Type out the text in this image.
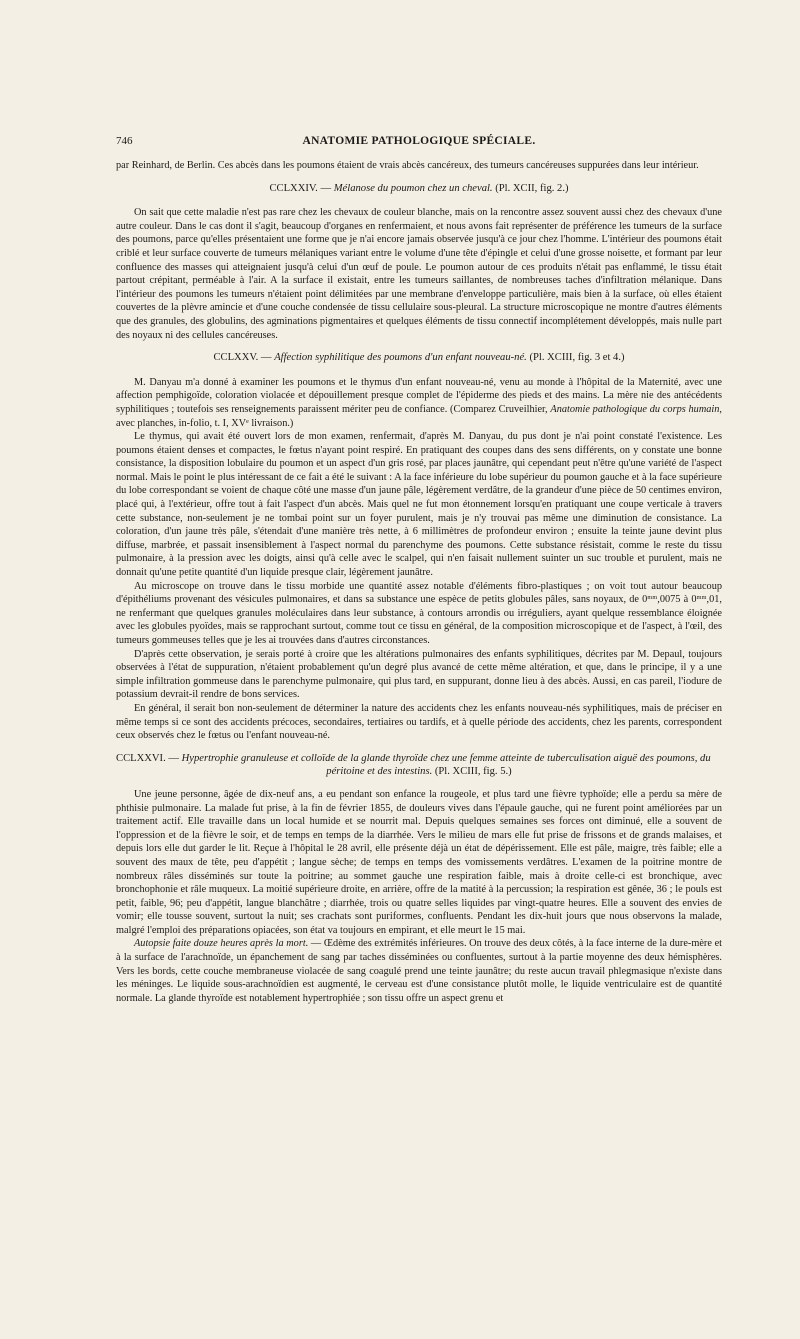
746	ANATOMIE PATHOLOGIQUE SPÉCIALE.

par Reinhard, de Berlin. Ces abcès dans les poumons étaient de vrais abcès cancéreux, des tumeurs cancéreuses suppurées dans leur intérieur.

CCLXXIV. — Mélanose du poumon chez un cheval. (Pl. XCII, fig. 2.)

On sait que cette maladie n'est pas rare chez les chevaux de couleur blanche, mais on la rencontre assez souvent aussi chez des chevaux d'une autre couleur. Dans le cas dont il s'agit, beaucoup d'organes en renfermaient, et nous avons fait représenter de préférence les tumeurs de la surface des poumons, parce qu'elles présentaient une forme que je n'ai encore jamais observée jusqu'à ce jour chez l'homme. L'intérieur des poumons était criblé et leur surface couverte de tumeurs mélaniques variant entre le volume d'une tête d'épingle et celui d'une grosse noisette, et formant par leur confluence des masses qui atteignaient jusqu'à celui d'un œuf de poule. Le poumon autour de ces produits n'était pas enflammé, le tissu était partout crépitant, perméable à l'air. A la surface il existait, entre les tumeurs saillantes, de nombreuses taches d'infiltration mélanique. Dans l'intérieur des poumons les tumeurs n'étaient point délimitées par une membrane d'enveloppe particulière, mais bien à la surface, où elles étaient couvertes de la plèvre amincie et d'une couche condensée de tissu cellulaire sous-pleural. La structure microscopique ne montre d'autres éléments que des granules, des globulins, des agminations pigmentaires et quelques éléments de tissu connectif incomplétement développés, mais nulle part des noyaux ni des cellules cancéreuses.

CCLXXV. — Affection syphilitique des poumons d'un enfant nouveau-né. (Pl. XCIII, fig. 3 et 4.)

M. Danyau m'a donné à examiner les poumons et le thymus d'un enfant nouveau-né, venu au monde à l'hôpital de la Maternité, avec une affection pemphigoïde, coloration violacée et dépouillement presque complet de l'épiderme des pieds et des mains. La mère nie des antécédents syphilitiques ; toutefois ses renseignements paraissent mériter peu de confiance. (Comparez Cruveilhier, Anatomie pathologique du corps humain, avec planches, in-folio, t. I, XVᵉ livraison.)

Le thymus, qui avait été ouvert lors de mon examen, renfermait, d'après M. Danyau, du pus dont je n'ai point constaté l'existence. Les poumons étaient denses et compactes, le fœtus n'ayant point respiré. En pratiquant des coupes dans des sens différents, on y constate une bonne consistance, la disposition lobulaire du poumon et un aspect d'un gris rosé, par places jaunâtre, qui cependant peut n'être qu'une variété de l'aspect normal. Mais le point le plus intéressant de ce fait a été le suivant : A la face inférieure du lobe supérieur du poumon gauche et à la face supérieure du lobe correspondant se voient de chaque côté une masse d'un jaune pâle, légèrement verdâtre, de la grandeur d'une pièce de 50 centimes environ, placé qui, à l'extérieur, offre tout à fait l'aspect d'un abcès. Mais quel ne fut mon étonnement lorsqu'en pratiquant une coupe verticale à travers cette substance, non-seulement je ne tombai point sur un foyer purulent, mais je n'y trouvai pas même une diminution de consistance. La coloration, d'un jaune très pâle, s'étendait d'une manière très nette, à 6 millimètres de profondeur environ ; ensuite la teinte jaune devint plus diffuse, marbrée, et passait insensiblement à l'aspect normal du parenchyme des poumons. Cette substance résistait, comme le reste du tissu pulmonaire, à la pression avec les doigts, ainsi qu'à celle avec le scalpel, qui n'en faisait nullement suinter un suc trouble et purulent, mais ne donnait qu'une petite quantité d'un liquide presque clair, légèrement jaunâtre.

Au microscope on trouve dans le tissu morbide une quantité assez notable d'éléments fibro-plastiques ; on voit tout autour beaucoup d'épithéliums provenant des vésicules pulmonaires, et dans sa substance une espèce de petits globules pâles, sans noyaux, de 0ᵐᵐ,0075 à 0ᵐᵐ,01, ne renfermant que quelques granules moléculaires dans leur substance, à contours arrondis ou irréguliers, ayant quelque ressemblance éloignée avec les globules pyoïdes, mais se rapprochant surtout, comme tout ce tissu en général, de la composition microscopique et de l'aspect, à l'œil, des tumeurs gommeuses telles que je les ai trouvées dans d'autres circonstances.

D'après cette observation, je serais porté à croire que les altérations pulmonaires des enfants syphilitiques, décrites par M. Depaul, toujours observées à l'état de suppuration, n'étaient probablement qu'un degré plus avancé de cette même altération, et que, dans le principe, il y a une simple infiltration gommeuse dans le parenchyme pulmonaire, qui plus tard, en suppurant, donne lieu à des abcès. Aussi, en cas pareil, l'iodure de potassium devrait-il rendre de bons services.

En général, il serait bon non-seulement de déterminer la nature des accidents chez les enfants nouveau-nés syphilitiques, mais de préciser en même temps si ce sont des accidents précoces, secondaires, tertiaires ou tardifs, et à quelle période des accidents, chez les parents, correspondent ceux observés chez le fœtus ou l'enfant nouveau-né.

CCLXXVI. — Hypertrophie granuleuse et colloïde de la glande thyroïde chez une femme atteinte de tuberculisation aiguë des poumons, du
péritoine et des intestins. (Pl. XCIII, fig. 5.)

Une jeune personne, âgée de dix-neuf ans, a eu pendant son enfance la rougeole, et plus tard une fièvre typhoïde; elle a perdu sa mère de phthisie pulmonaire. La malade fut prise, à la fin de février 1855, de douleurs vives dans l'épaule gauche, qui ne furent point améliorées par un traitement actif. Elle travaille dans un local humide et se nourrit mal. Depuis quelques semaines ses forces ont diminué, elle a souvent de l'oppression et de la fièvre le soir, et de temps en temps de la diarrhée. Vers le milieu de mars elle fut prise de frissons et de grands malaises, et depuis lors elle dut garder le lit. Reçue à l'hôpital le 28 avril, elle présente déjà un état de dépérissement. Elle est pâle, maigre, très faible; elle a souvent des maux de tête, peu d'appétit ; langue sèche; de temps en temps des vomissements verdâtres. L'examen de la poitrine montre de nombreux râles disséminés sur toute la poitrine; au sommet gauche une respiration faible, mais à droite celle-ci est bronchique, avec bronchophonie et râle muqueux. La moitié supérieure droite, en arrière, offre de la matité à la percussion; la respiration est gênée, 36 ; le pouls est petit, faible, 96; peu d'appétit, langue blanchâtre ; diarrhée, trois ou quatre selles liquides par vingt-quatre heures. Elle a souvent des envies de vomir; elle tousse souvent, surtout la nuit; ses crachats sont puriformes, confluents. Pendant les dix-huit jours que nous observons la malade, malgré l'emploi des préparations opiacées, son état va toujours en empirant, et elle meurt le 15 mai.

Autopsie faite douze heures après la mort. — Œdème des extrémités inférieures. On trouve des deux côtés, à la face interne de la dure-mère et à la surface de l'arachnoïde, un épanchement de sang par taches disséminées ou confluentes, surtout à la partie moyenne des deux hémisphères. Vers les bords, cette couche membraneuse violacée de sang coagulé prend une teinte jaunâtre; du reste aucun travail phlegmasique n'existe dans les méninges. Le liquide sous-arachnoïdien est augmenté, le cerveau est d'une consistance plutôt molle, le liquide ventriculaire est de quantité normale. La glande thyroïde est notablement hypertrophiée ; son tissu offre un aspect grenu et
